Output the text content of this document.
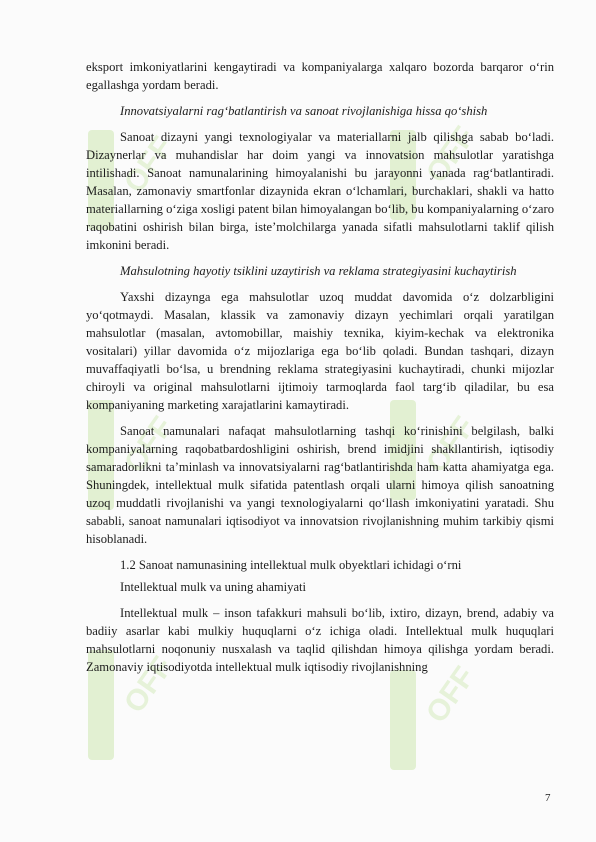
OFF	OFF
OFF	OFF
OFF	OFF

eksport imkoniyatlarini kengaytiradi va kompaniyalarga xalqaro bozorda barqaror o‘rin egallashga yordam beradi.

Innovatsiyalarni rag‘batlantirish va sanoat rivojlanishiga hissa qo‘shish

Sanoat dizayni yangi texnologiyalar va materiallarni jalb qilishga sabab bo‘ladi. Dizaynerlar va muhandislar har doim yangi va innovatsion mahsulotlar yaratishga intilishadi. Sanoat namunalarining himoyalanishi bu jarayonni yanada rag‘batlantiradi. Masalan, zamonaviy smartfonlar dizaynida ekran o‘lchamlari, burchaklari, shakli va hatto materiallarning o‘ziga xosligi patent bilan himoyalangan bo‘lib, bu kompaniyalarning o‘zaro raqobatini oshirish bilan birga, iste’molchilarga yanada sifatli mahsulotlarni taklif qilish imkonini beradi.

Mahsulotning hayotiy tsiklini uzaytirish va reklama strategiyasini kuchaytirish

Yaxshi dizaynga ega mahsulotlar uzoq muddat davomida o‘z dolzarbligini yo‘qotmaydi. Masalan, klassik va zamonaviy dizayn yechimlari orqali yaratilgan mahsulotlar (masalan, avtomobillar, maishiy texnika, kiyim-kechak va elektronika vositalari) yillar davomida o‘z mijozlariga ega bo‘lib qoladi. Bundan tashqari, dizayn muvaffaqiyatli bo‘lsa, u brendning reklama strategiyasini kuchaytiradi, chunki mijozlar chiroyli va original mahsulotlarni ijtimoiy tarmoqlarda faol targ‘ib qiladilar, bu esa kompaniyaning marketing xarajatlarini kamaytiradi.

Sanoat namunalari nafaqat mahsulotlarning tashqi ko‘rinishini belgilash, balki kompaniyalarning raqobatbardoshligini oshirish, brend imidjini shakllantirish, iqtisodiy samaradorlikni ta’minlash va innovatsiyalarni rag‘batlantirishda ham katta ahamiyatga ega. Shuningdek, intellektual mulk sifatida patentlash orqali ularni himoya qilish sanoatning uzoq muddatli rivojlanishi va yangi texnologiyalarni qo‘llash imkoniyatini yaratadi. Shu sababli, sanoat namunalari iqtisodiyot va innovatsion rivojlanishning muhim tarkibiy qismi hisoblanadi.

1.2 Sanoat namunasining intellektual mulk obyektlari ichidagi o‘rni

Intellektual mulk va uning ahamiyati

Intellektual mulk – inson tafakkuri mahsuli bo‘lib, ixtiro, dizayn, brend, adabiy va badiiy asarlar kabi mulkiy huquqlarni o‘z ichiga oladi. Intellektual mulk huquqlari mahsulotlarni noqonuniy nusxalash va taqlid qilishdan himoya qilishga yordam beradi. Zamonaviy iqtisodiyotda intellektual mulk iqtisodiy rivojlanishning

7
